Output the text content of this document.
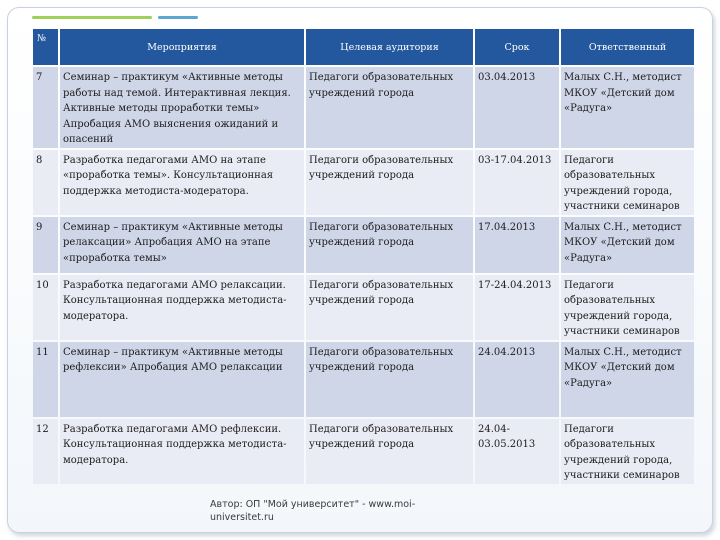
№	Мероприятия	Целевая аудитория	Срок	Ответственный
7	Семинар – практикум «Активные методы работы над темой. Интерактивная лекция. Активные методы проработки темы» Апробация АМО выяснения ожиданий и опасений	Педагоги образовательных учреждений города	03.04.2013	Малых С.Н., методист МКОУ «Детский дом «Радуга»
8	Разработка педагогами АМО на этапе «проработка темы». Консультационная поддержка методиста-модератора.	Педагоги образовательных учреждений города	03-17.04.2013	Педагоги образовательных учреждений города, участники семинаров
9	Семинар – практикум «Активные методы релаксации» Апробация АМО на этапе «проработка темы»	Педагоги образовательных учреждений города	17.04.2013	Малых С.Н., методист МКОУ «Детский дом «Радуга»
10	Разработка педагогами АМО релаксации. Консультационная поддержка методиста-модератора.	Педагоги образовательных учреждений города	17-24.04.2013	Педагоги образовательных учреждений города, участники семинаров
11	Семинар – практикум «Активные методы рефлексии» Апробация АМО релаксации	Педагоги образовательных учреждений города	24.04.2013	Малых С.Н., методист МКОУ «Детский дом «Радуга»
12	Разработка педагогами АМО рефлексии. Консультационная поддержка методиста-модератора.	Педагоги образовательных учреждений города	24.04-03.05.2013	Педагоги образовательных учреждений города, участники семинаров
Автор: ОП "Мой университет" - www.moi-universitet.ru
